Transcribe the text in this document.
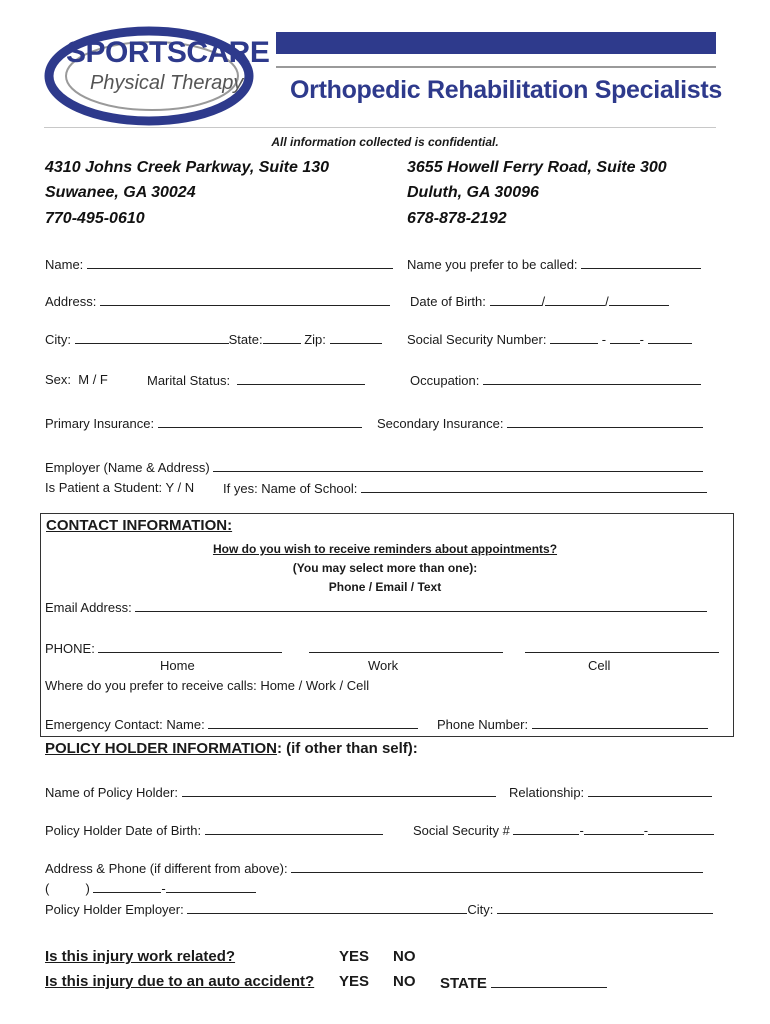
SPORTSCARE
Physical Therapy Orthopedic Rehabilitation Specialists
All information collected is confidential.
4310 Johns Creek Parkway, Suite 130
Suwanee, GA 30024
770-495-0610
3655 Howell Ferry Road, Suite 300
Duluth, GA 30096
678-878-2192
Name:	Name you prefer to be called:
Address:	Date of Birth:	/	/
City:	State:	Zip:	Social Security Number:	- -
Sex: M / F	Marital Status:	Occupation:
Primary Insurance:	Secondary Insurance:
Employer (Name & Address)
Is Patient a Student: Y / N If yes: Name of School:
CONTACT INFORMATION:
How do you wish to receive reminders about appointments?
(You may select more than one):
Phone / Email / Text
Email Address:
PHONE:
Home	Work	Cell
Where do you prefer to receive calls: Home / Work / Cell
Emergency Contact: Name:	Phone Number:
POLICY HOLDER INFORMATION: (if other than self):
Name of Policy Holder:	Relationship:
Policy Holder Date of Birth:	Social Security #	-	-
Address & Phone (if different from above):
(          )	-
Policy Holder Employer:	City:
Is this injury work related?	YES NO
Is this injury due to an auto accident? YES NO STATE
